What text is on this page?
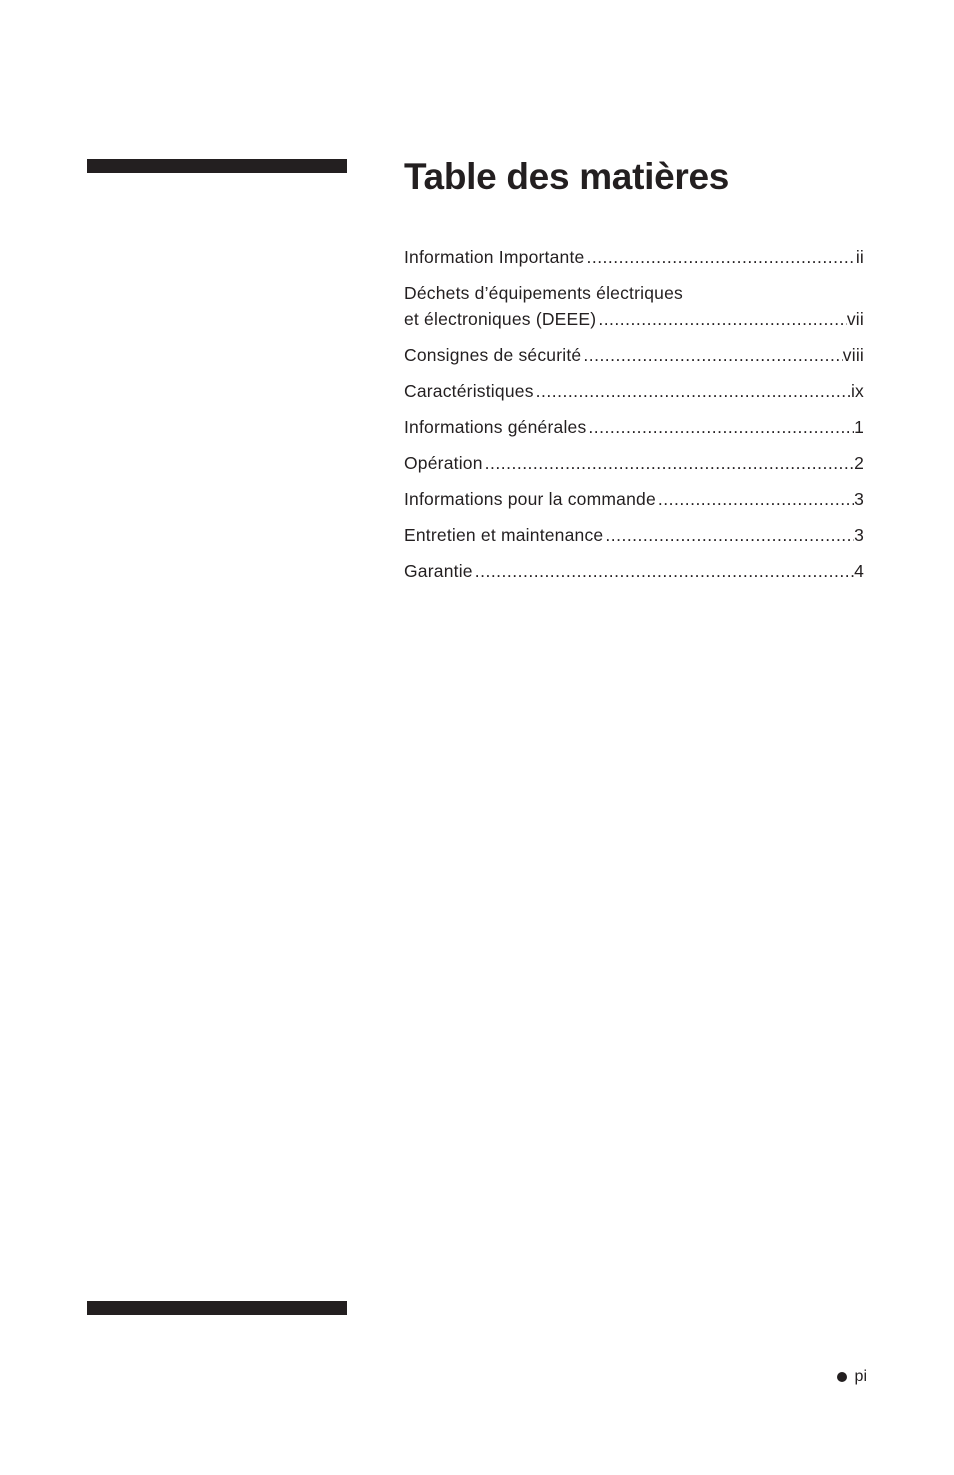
Table des matières
Information Importante .....	ii
Déchets d’équipements électriques
et électroniques (DEEE) .....	vii
Consignes de sécurité .....	viii
Caractéristiques .....	ix
Informations générales .....	1
Opération .....	2
Informations pour la commande .....	3
Entretien et maintenance .....	3
Garantie .....	4
pi
